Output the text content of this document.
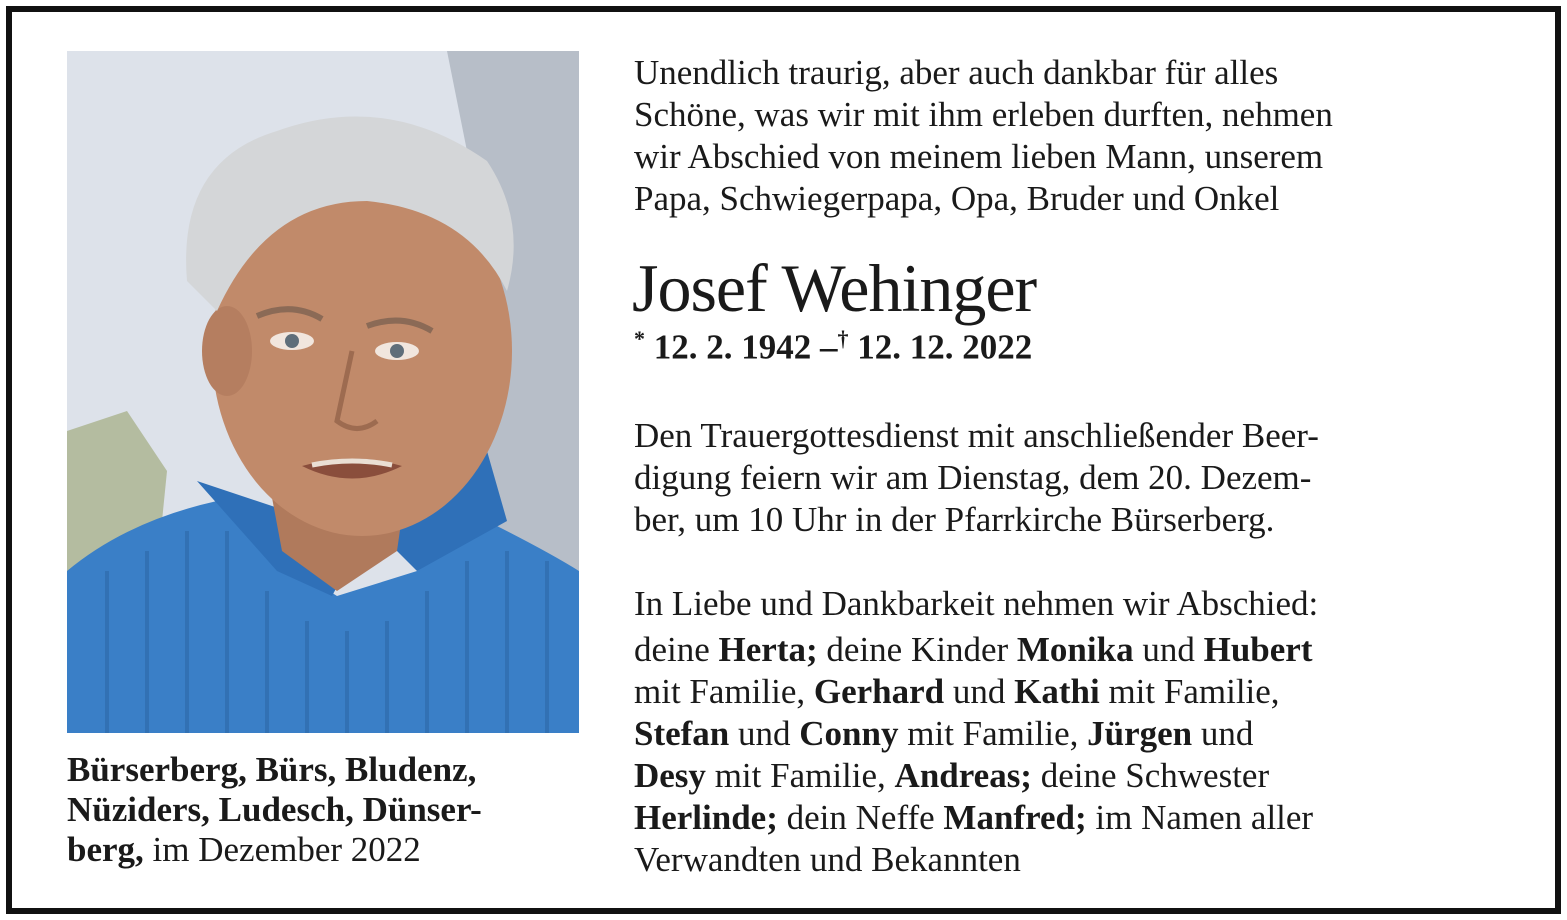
Bürserberg, Bürs, Bludenz,
Nüziders, Ludesch, Dünser-
berg, im Dezember 2022

Unendlich traurig, aber auch dankbar für alles
Schöne, was wir mit ihm erleben durften, nehmen
wir Abschied von meinem lieben Mann, unserem
Papa, Schwiegerpapa, Opa, Bruder und Onkel

Josef Wehinger

* 12. 2. 1942 –† 12. 12. 2022

Den Trauergottesdienst mit anschließender Beer-
digung feiern wir am Dienstag, dem 20. Dezem-
ber, um 10 Uhr in der Pfarrkirche Bürserberg.

In Liebe und Dankbarkeit nehmen wir Abschied:
deine Herta; deine Kinder Monika und Hubert
mit Familie, Gerhard und Kathi mit Familie,
Stefan und Conny mit Familie, Jürgen und
Desy mit Familie, Andreas; deine Schwester
Herlinde; dein Neffe Manfred; im Namen aller
Verwandten und Bekannten
